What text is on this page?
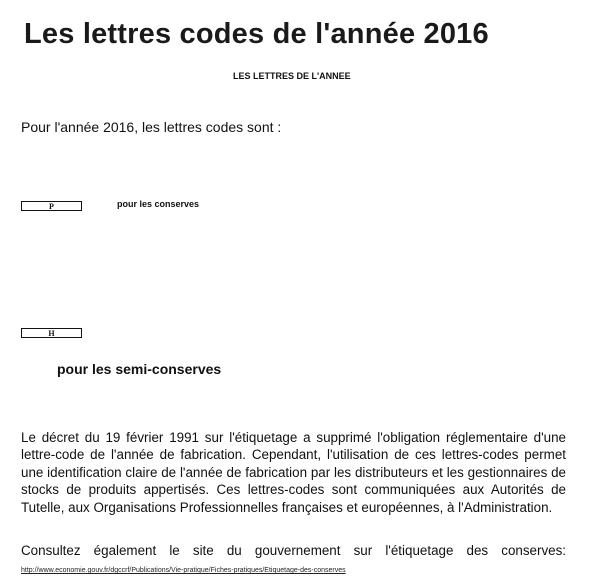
Les lettres codes de l'année 2016
LES LETTRES DE L'ANNEE
Pour l'année 2016, les lettres codes sont :
P	pour les conserves
H
pour les semi-conserves
Le décret du 19 février 1991 sur l'étiquetage a supprimé l'obligation réglementaire d'une lettre-code de l'année de fabrication. Cependant, l'utilisation de ces lettres-codes permet une identification claire de l'année de fabrication par les distributeurs et les gestionnaires de stocks de produits appertisés. Ces lettres-codes sont communiquées aux Autorités de Tutelle, aux Organisations Professionnelles françaises et européennes, à l'Administration.
Consultez également le site du gouvernement sur l'étiquetage des conserves: http://www.economie.gouv.fr/dgccrf/Publications/Vie-pratique/Fiches-pratiques/Etiquetage-des-conserves
